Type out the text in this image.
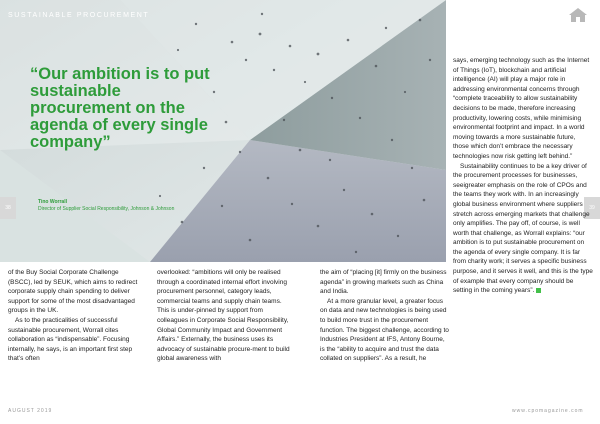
SUSTAINABLE PROCUREMENT
“Our ambition is to put sustainable procurement on the agenda of every single company”
Tino Worrall
Director of Supplier Social Responsibility, Johnson & Johnson
38	39

of the Buy Social Corporate Challenge (BSCC), led by SEUK, which aims to redirect corporate supply chain spending to deliver support for some of the most disadvantaged groups in the UK.

As to the practicalities of successful sustainable procurement, Worrall cites collaboration as “indispensable”. Focusing internally, he says, is an important first step that’s often

overlooked: “ambitions will only be realised through a coordinated internal effort involving procurement personnel, category leads, commercial teams and supply chain teams. This is under-pinned by support from colleagues in Corporate Social Responsibility, Global Community Impact and Government Affairs.” Externally, the business uses its advocacy of sustainable procure-ment to build global awareness with

the aim of “placing [it] firmly on the business agenda” in growing markets such as China and India.

At a more granular level, a greater focus on data and new technologies is being used to build more trust in the procurement function. The biggest challenge, according to Industries President at IFS, Antony Bourne, is the “ability to acquire and trust the data collated on suppliers”. As a result, he

says, emerging technology such as the Internet of Things (IoT), blockchain and artificial intelligence (AI) will play a major role in addressing environmental concerns through “complete traceability to allow sustainability decisions to be made, therefore increasing productivity, lowering costs, while minimising environmental footprint and impact. In a world moving towards a more sustainable future, those which don’t embrace the necessary technologies now risk getting left behind.”

Sustainability continues to be a key driver of the procurement processes for businesses, seeigreater emphasis on the role of CPOs and the teams they work with. In an increasingly global business environment where suppliers stretch across emerging markets that challenge only amplifies. The pay off, of course, is well worth that challenge, as Worrall explains: “our ambition is to put sustainable procurement on the agenda of every single company. It is far from charity work; it serves a specific business purpose, and it serves it well, and this is the type of example that every company should be setting in the coming years”.

AUGUST 2019	www.cpomagazine.com
